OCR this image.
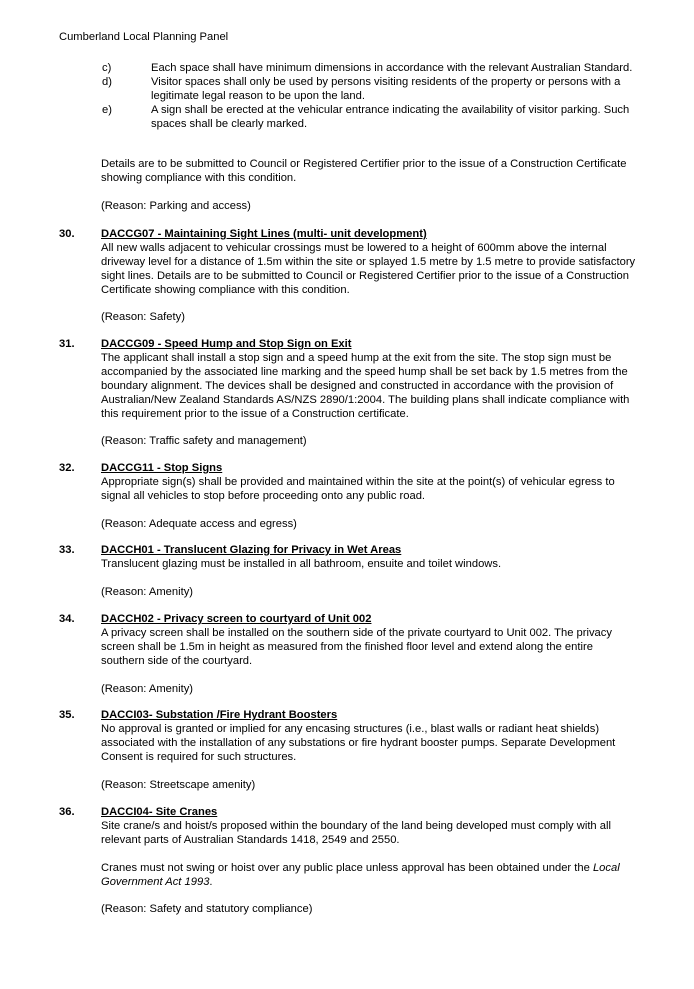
Cumberland Local Planning Panel
c)	Each space shall have minimum dimensions in accordance with the relevant Australian Standard.
d)	Visitor spaces shall only be used by persons visiting residents of the property or persons with a legitimate legal reason to be upon the land.
e)	A sign shall be erected at the vehicular entrance indicating the availability of visitor parking. Such spaces shall be clearly marked.

Details are to be submitted to Council or Registered Certifier prior to the issue of a Construction Certificate showing compliance with this condition.

(Reason: Parking and access)

30. DACCG07 - Maintaining Sight Lines (multi- unit development)

All new walls adjacent to vehicular crossings must be lowered to a height of 600mm above the internal driveway level for a distance of 1.5m within the site or splayed 1.5 metre by 1.5 metre to provide satisfactory sight lines. Details are to be submitted to Council or Registered Certifier prior to the issue of a Construction Certificate showing compliance with this condition.

(Reason: Safety)

31. DACCG09 - Speed Hump and Stop Sign on Exit

The applicant shall install a stop sign and a speed hump at the exit from the site. The stop sign must be accompanied by the associated line marking and the speed hump shall be set back by 1.5 metres from the boundary alignment. The devices shall be designed and constructed in accordance with the provision of Australian/New Zealand Standards AS/NZS 2890/1:2004. The building plans shall indicate compliance with this requirement prior to the issue of a Construction certificate.

(Reason: Traffic safety and management)

32. DACCG11 - Stop Signs

Appropriate sign(s) shall be provided and maintained within the site at the point(s) of vehicular egress to signal all vehicles to stop before proceeding onto any public road.

(Reason: Adequate access and egress)

33. DACCH01 - Translucent Glazing for Privacy in Wet Areas

Translucent glazing must be installed in all bathroom, ensuite and toilet windows.

(Reason: Amenity)

34. DACCH02 - Privacy screen to courtyard of Unit 002

A privacy screen shall be installed on the southern side of the private courtyard to Unit 002. The privacy screen shall be 1.5m in height as measured from the finished floor level and extend along the entire southern side of the courtyard.

(Reason: Amenity)

35. DACCI03- Substation /Fire Hydrant Boosters

No approval is granted or implied for any encasing structures (i.e., blast walls or radiant heat shields) associated with the installation of any substations or fire hydrant booster pumps. Separate Development Consent is required for such structures.

(Reason: Streetscape amenity)

36. DACCI04- Site Cranes

Site crane/s and hoist/s proposed within the boundary of the land being developed must comply with all relevant parts of Australian Standards 1418, 2549 and 2550.

Cranes must not swing or hoist over any public place unless approval has been obtained under the Local Government Act 1993.

(Reason: Safety and statutory compliance)
